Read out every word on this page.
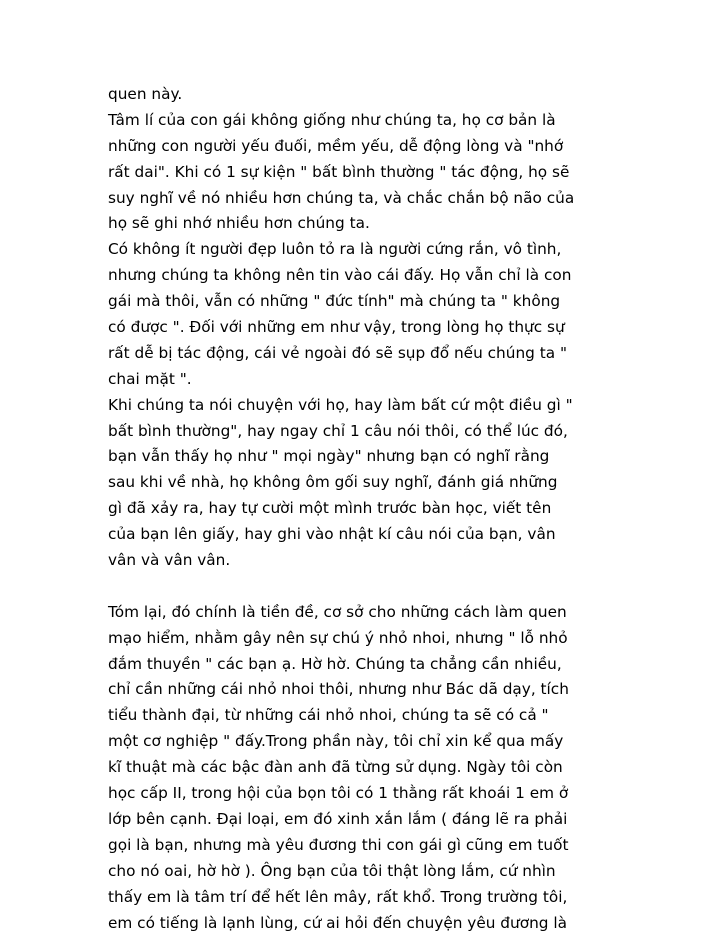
quen này.
Tâm lí của con gái không giống như chúng ta, họ cơ bản là
những con người yếu đuối, mềm yếu, dễ động lòng và "nhớ
rất dai". Khi có 1 sự kiện " bất bình thường " tác động, họ sẽ
suy nghĩ về nó nhiều hơn chúng ta, và chắc chắn bộ não của
họ sẽ ghi nhớ nhiều hơn chúng ta.
Có không ít người đẹp luôn tỏ ra là người cứng rắn, vô tình,
nhưng chúng ta không nên tin vào cái đấy. Họ vẫn chỉ là con
gái mà thôi, vẫn có những " đức tính" mà chúng ta " không
có được ". Đối với những em như vậy, trong lòng họ thực sự
rất dễ bị tác động, cái vẻ ngoài đó sẽ sụp đổ nếu chúng ta "
chai mặt ".
Khi chúng ta nói chuyện với họ, hay làm bất cứ một điều gì "
bất bình thường", hay ngay chỉ 1 câu nói thôi, có thể lúc đó,
bạn vẫn thấy họ như " mọi ngày" nhưng bạn có nghĩ rằng
sau khi về nhà, họ không ôm gối suy nghĩ, đánh giá những
gì đã xảy ra, hay tự cười một mình trước bàn học, viết tên
của bạn lên giấy, hay ghi vào nhật kí câu nói của bạn, vân
vân và vân vân.
Tóm lại, đó chính là tiền đề, cơ sở cho những cách làm quen
mạo hiểm, nhằm gây nên sự chú ý nhỏ nhoi, nhưng " lỗ nhỏ
đắm thuyền " các bạn ạ. Hờ hờ. Chúng ta chẳng cần nhiều,
chỉ cần những cái nhỏ nhoi thôi, nhưng như Bác dã dạy, tích
tiểu thành đại, từ những cái nhỏ nhoi, chúng ta sẽ có cả "
một cơ nghiệp " đấy.Trong phần này, tôi chỉ xin kể qua mấy
kĩ thuật mà các bậc đàn anh đã từng sử dụng. Ngày tôi còn
học cấp II, trong hội của bọn tôi có 1 thằng rất khoái 1 em ở
lớp bên cạnh. Đại loại, em đó xinh xắn lắm ( đáng lẽ ra phải
gọi là bạn, nhưng mà yêu đương thi con gái gì cũng em tuốt
cho nó oai, hờ hờ ). Ông bạn của tôi thật lòng lắm, cứ nhìn
thấy em là tâm trí để hết lên mây, rất khổ. Trong trường tôi,
em có tiếng là lạnh lùng, cứ ai hỏi đến chuyện yêu đương là
